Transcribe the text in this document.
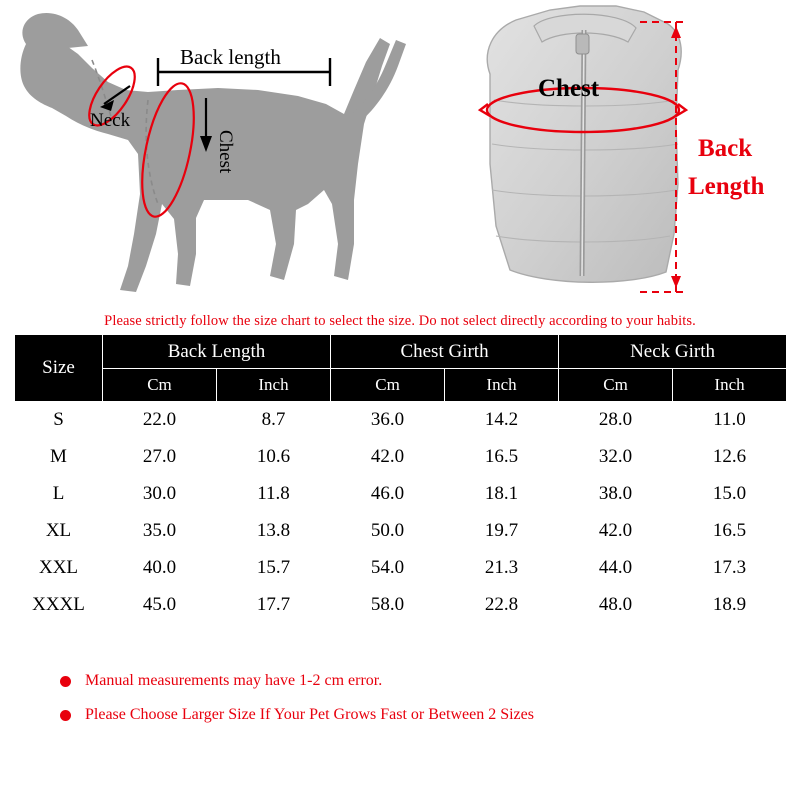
Back length
Neck
Chest
Chest
Back
Length
Please strictly follow the size chart to select the size. Do not select directly according to your habits.
Size	Back Length		Chest Girth		Neck Girth	
	Cm	Inch	Cm	Inch	Cm	Inch
S	22.0	8.7	36.0	14.2	28.0	11.0
M	27.0	10.6	42.0	16.5	32.0	12.6
L	30.0	11.8	46.0	18.1	38.0	15.0
XL	35.0	13.8	50.0	19.7	42.0	16.5
XXL	40.0	15.7	54.0	21.3	44.0	17.3
XXXL	45.0	17.7	58.0	22.8	48.0	18.9
Manual measurements may have 1-2 cm error.
Please Choose Larger Size If Your Pet Grows Fast or Between 2 Sizes
